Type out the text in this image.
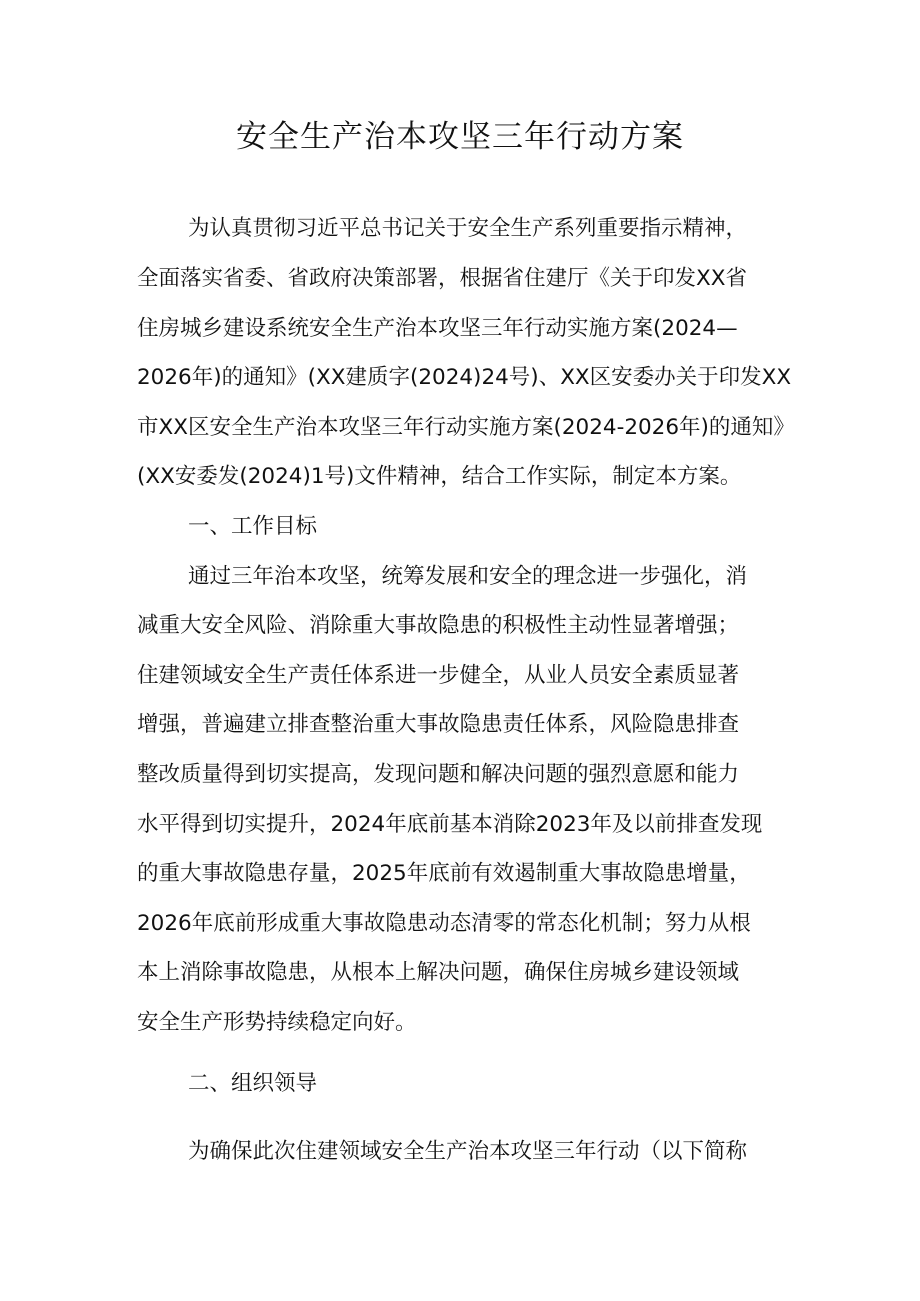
安全生产治本攻坚三年行动方案
为认真贯彻习近平总书记关于安全生产系列重要指示精神，
全面落实省委、省政府决策部署，根据省住建厅《关于印发XX省
住房城乡建设系统安全生产治本攻坚三年行动实施方案(2024—
2026年)的通知》(XX建质字(2024)24号)、XX区安委办关于印发XX
市XX区安全生产治本攻坚三年行动实施方案(2024-2026年)的通知》
(XX安委发(2024)1号)文件精神，结合工作实际，制定本方案。
一、工作目标
通过三年治本攻坚，统筹发展和安全的理念进一步强化，消
减重大安全风险、消除重大事故隐患的积极性主动性显著增强；
住建领域安全生产责任体系进一步健全，从业人员安全素质显著
增强，普遍建立排查整治重大事故隐患责任体系，风险隐患排查
整改质量得到切实提高，发现问题和解决问题的强烈意愿和能力
水平得到切实提升，2024年底前基本消除2023年及以前排查发现
的重大事故隐患存量，2025年底前有效遏制重大事故隐患增量，
2026年底前形成重大事故隐患动态清零的常态化机制；努力从根
本上消除事故隐患，从根本上解决问题，确保住房城乡建设领域
安全生产形势持续稳定向好。
二、组织领导
为确保此次住建领域安全生产治本攻坚三年行动（以下简称
